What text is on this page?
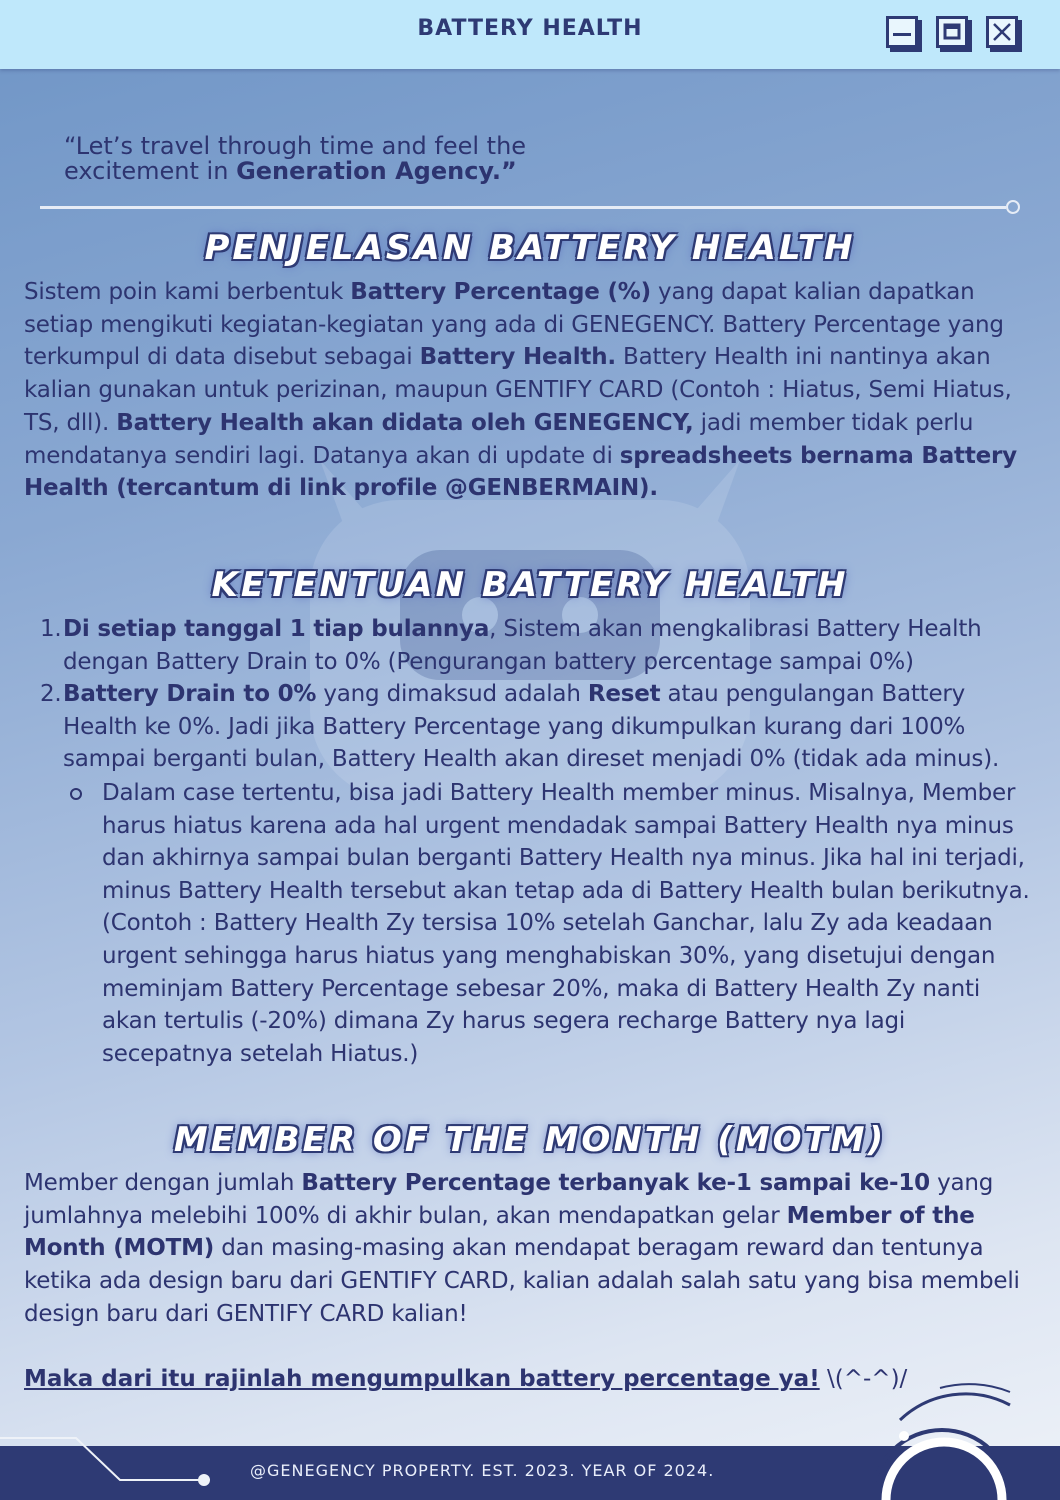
BATTERY HEALTH
“Let’s travel through time and feel the
excitement in Generation Agency.”
PENJELASAN BATTERY HEALTH
Sistem poin kami berbentuk Battery Percentage (%) yang dapat kalian dapatkan setiap mengikuti kegiatan-kegiatan yang ada di GENEGENCY. Battery Percentage yang terkumpul di data disebut sebagai Battery Health. Battery Health ini nantinya akan kalian gunakan untuk perizinan, maupun GENTIFY CARD (Contoh : Hiatus, Semi Hiatus, TS, dll). Battery Health akan didata oleh GENEGENCY, jadi member tidak perlu mendatanya sendiri lagi. Datanya akan di update di spreadsheets bernama Battery Health (tercantum di link profile @GENBERMAIN).
KETENTUAN BATTERY HEALTH
1. Di setiap tanggal 1 tiap bulannya, Sistem akan mengkalibrasi Battery Health dengan Battery Drain to 0% (Pengurangan battery percentage sampai 0%)
2. Battery Drain to 0% yang dimaksud adalah Reset atau pengulangan Battery Health ke 0%. Jadi jika Battery Percentage yang dikumpulkan kurang dari 100% sampai berganti bulan, Battery Health akan direset menjadi 0% (tidak ada minus).
Dalam case tertentu, bisa jadi Battery Health member minus. Misalnya, Member harus hiatus karena ada hal urgent mendadak sampai Battery Health nya minus dan akhirnya sampai bulan berganti Battery Health nya minus. Jika hal ini terjadi, minus Battery Health tersebut akan tetap ada di Battery Health bulan berikutnya. (Contoh : Battery Health Zy tersisa 10% setelah Ganchar, lalu Zy ada keadaan urgent sehingga harus hiatus yang menghabiskan 30%, yang disetujui dengan meminjam Battery Percentage sebesar 20%, maka di Battery Health Zy nanti akan tertulis (-20%) dimana Zy harus segera recharge Battery nya lagi secepatnya setelah Hiatus.)
MEMBER OF THE MONTH (MOTM)
Member dengan jumlah Battery Percentage terbanyak ke-1 sampai ke-10 yang jumlahnya melebihi 100% di akhir bulan, akan mendapatkan gelar Member of the Month (MOTM) dan masing-masing akan mendapat beragam reward dan tentunya ketika ada design baru dari GENTIFY CARD, kalian adalah salah satu yang bisa membeli design baru dari GENTIFY CARD kalian!
Maka dari itu rajinlah mengumpulkan battery percentage ya! \(^-^)/
@GENEGENCY PROPERTY. EST. 2023. YEAR OF 2024.
